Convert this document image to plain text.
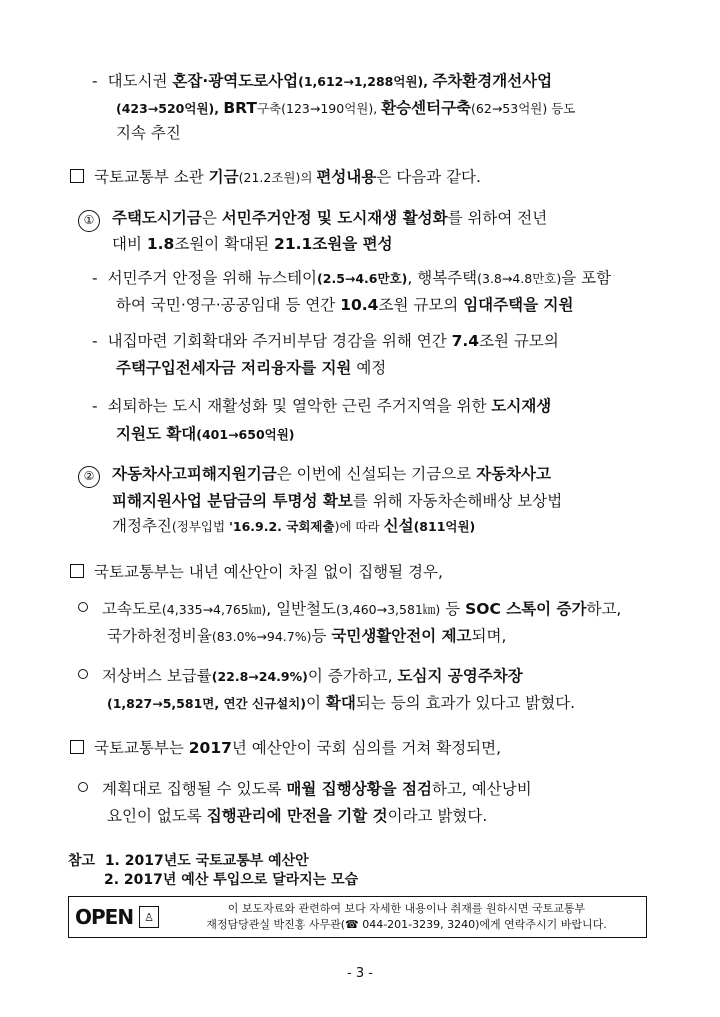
- 대도시권 혼잡·광역도로사업(1,612→1,288억원), 주차환경개선사업
(423→520억원), BRT구축(123→190억원), 환승센터구축(62→53억원) 등도
지속 추진
국토교통부 소관 기금(21.2조원)의 편성내용은 다음과 같다.
① 주택도시기금은 서민주거안정 및 도시재생 활성화를 위하여 전년
대비 1.8조원이 확대된 21.1조원을 편성
- 서민주거 안정을 위해 뉴스테이(2.5→4.6만호), 행복주택(3.8→4.8만호)을 포함
하여 국민·영구·공공임대 등 연간 10.4조원 규모의 임대주택을 지원
- 내집마련 기회확대와 주거비부담 경감을 위해 연간 7.4조원 규모의
주택구입전세자금 저리융자를 지원 예정
- 쇠퇴하는 도시 재활성화 및 열악한 근린 주거지역을 위한 도시재생
지원도 확대(401→650억원)
② 자동차사고피해지원기금은 이번에 신설되는 기금으로 자동차사고
피해지원사업 분담금의 투명성 확보를 위해 자동차손해배상 보상법
개정추진(정부입법 '16.9.2. 국회제출)에 따라 신설(811억원)
국토교통부는 내년 예산안이 차질 없이 집행될 경우,
고속도로(4,335→4,765㎞), 일반철도(3,460→3,581㎞) 등 SOC 스톡이 증가하고,
국가하천정비율(83.0%→94.7%)등 국민생활안전이 제고되며,
저상버스 보급률(22.8→24.9%)이 증가하고, 도심지 공영주차장
(1,827→5,581면, 연간 신규설치)이 확대되는 등의 효과가 있다고 밝혔다.
국토교통부는 2017년 예산안이 국회 심의를 거쳐 확정되면,
계획대로 집행될 수 있도록 매월 집행상황을 점검하고, 예산낭비
요인이 없도록 집행관리에 만전을 기할 것이라고 밝혔다.
참고 1. 2017년도 국토교통부 예산안
2. 2017년 예산 투입으로 달라지는 모습
OPEN	♙
이 보도자료와 관련하여 보다 자세한 내용이나 취재를 원하시면 국토교통부
재정담당관실 박진홍 사무관(☎ 044-201-3239, 3240)에게 연락주시기 바랍니다.
- 3 -
